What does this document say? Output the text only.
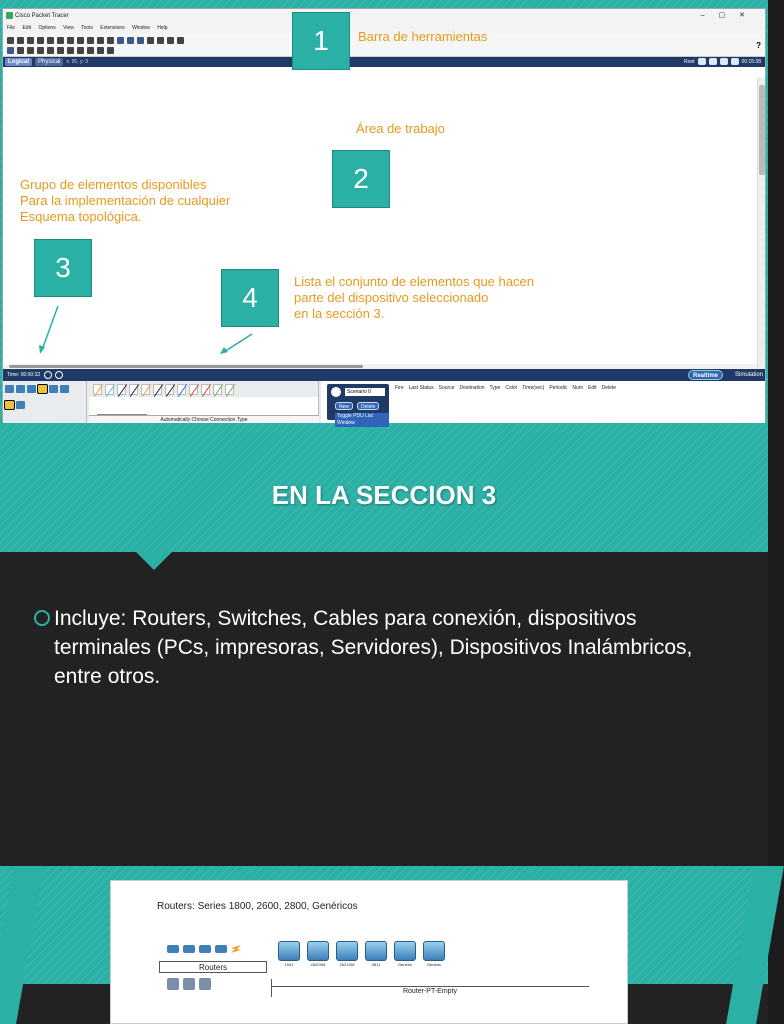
Cisco Packet Tracer	–▢✕
File Edit Options View Tools Extensions Window Help
?
Logical	Physical	x: 95, y: 3	Root	00:15:38
Time: 00:00:32	Realtime	Simulation
Automatically Choose Connection Type
Scenario 0
New	Delete
Toggle PDU List Window
Fire Last Status Source Destination Type Color Time(sec) Periodic Num Edit Delete
1	Barra de herramientas
Área de trabajo
2
Grupo de elementos disponibles
Para la implementación de cualquier
Esquema topológica.
3	Lista el conjunto de elementos que hacen
parte del dispositivo seleccionado
en la sección 3.
4
EN LA SECCION 3
Incluye: Routers, Switches, Cables para conexión, dispositivos terminales (PCs, impresoras, Servidores), Dispositivos Inalámbricos, entre otros.
Routers: Series 1800, 2600, 2800, Genéricos
Routers	1941	2620XM	2621XM	2811	Generic	Generic
Router-PT-Empty
